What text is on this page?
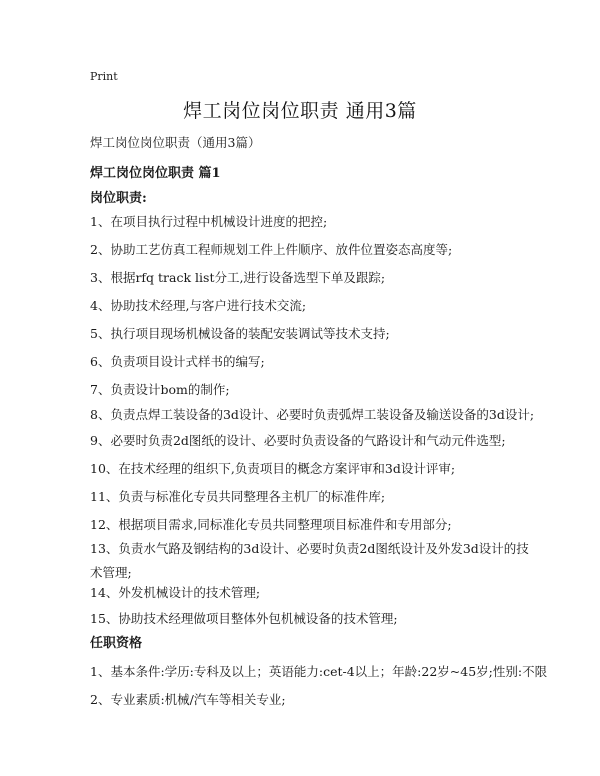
Print
焊工岗位岗位职责 通用3篇
焊工岗位岗位职责（通用3篇）
焊工岗位岗位职责 篇1
岗位职责:
1、在项目执行过程中机械设计进度的把控;
2、协助工艺仿真工程师规划工件上件顺序、放件位置姿态高度等;
3、根据rfq track list分工,进行设备选型下单及跟踪;
4、协助技术经理,与客户进行技术交流;
5、执行项目现场机械设备的装配安装调试等技术支持;
6、负责项目设计式样书的编写;
7、负责设计bom的制作;
8、负责点焊工装设备的3d设计、必要时负责弧焊工装设备及输送设备的3d设计;
9、必要时负责2d图纸的设计、必要时负责设备的气路设计和气动元件选型;
10、在技术经理的组织下,负责项目的概念方案评审和3d设计评审;
11、负责与标准化专员共同整理各主机厂的标准件库;
12、根据项目需求,同标准化专员共同整理项目标准件和专用部分;
13、负责水气路及钢结构的3d设计、必要时负责2d图纸设计及外发3d设计的技术管理;
14、外发机械设计的技术管理;
15、协助技术经理做项目整体外包机械设备的技术管理;
任职资格
1、基本条件:学历:专科及以上；英语能力:cet-4以上；年龄:22岁~45岁;性别:不限
2、专业素质:机械/汽车等相关专业;
